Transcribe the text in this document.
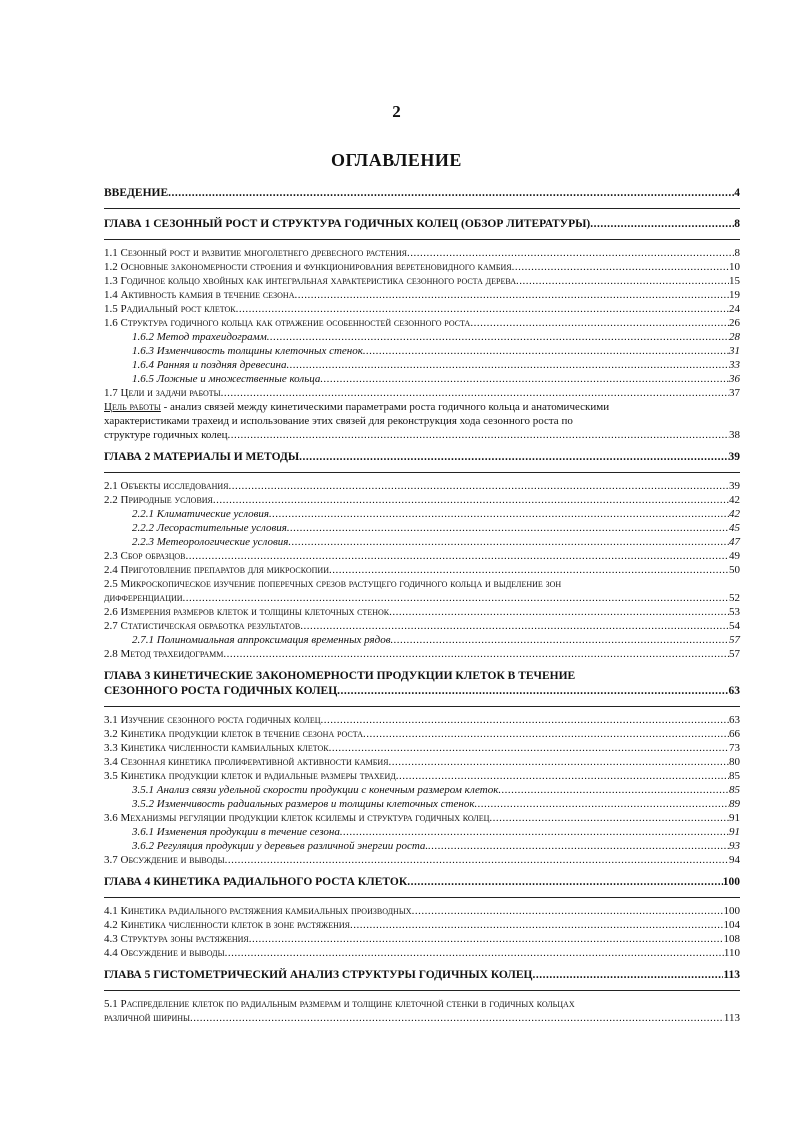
2
ОГЛАВЛЕНИЕ
ВВЕДЕНИЕ .....	4
ГЛАВА 1 СЕЗОННЫЙ РОСТ И СТРУКТУРА ГОДИЧНЫХ КОЛЕЦ (ОБЗОР ЛИТЕРАТУРЫ) .....	8
1.1 Сезонный рост и развитие многолетнего древесного растения .....	8
1.2 Основные закономерности строения и функционирования веретеновидного камбия .....	10
1.3 Годичное кольцо хвойных как интегральная характеристика сезонного роста дерева .....	15
1.4 Активность камбия в течение сезона .....	19
1.5 Радиальный рост клеток .....	24
1.6 Структура годичного кольца как отражение особенностей сезонного роста .....	26
1.6.2 Метод трахеидограмм .....	28
1.6.3 Изменчивость толщины клеточных стенок .....	31
1.6.4 Ранняя и поздняя древесина .....	33
1.6.5 Ложные и множественные кольца .....	36
1.7 Цели и задачи работы .....	37
Цель работы - анализ связей между кинетическими параметрами роста годичного кольца и анатомическими
характеристиками трахеид и использование этих связей для реконструкция хода сезонного роста по
структуре годичных колец .....	38
ГЛАВА 2 МАТЕРИАЛЫ И МЕТОДЫ .....	39
2.1 Объекты исследования .....	39
2.2 Природные условия .....	42
2.2.1 Климатические условия .....	42
2.2.2 Лесорастительные условия .....	45
2.2.3 Метеорологические условия .....	47
2.3 Сбор образцов .....	49
2.4 Приготовление препаратов для микроскопии .....	50
2.5 Микроскопическое изучение поперечных срезов растущего годичного кольца и выделение зон
дифференциации .....	52
2.6 Измерения размеров клеток и толщины клеточных стенок .....	53
2.7 Статистическая обработка результатов .....	54
2.7.1 Полиномиальная аппроксимация временных рядов .....	57
2.8 Метод трахеидограмм .....	57
ГЛАВА 3 КИНЕТИЧЕСКИЕ ЗАКОНОМЕРНОСТИ ПРОДУКЦИИ КЛЕТОК В ТЕЧЕНИЕ
СЕЗОННОГО РОСТА ГОДИЧНЫХ КОЛЕЦ .....	63
3.1 Изучение сезонного роста годичных колец .....	63
3.2 Кинетика продукции клеток в течение сезона роста .....	66
3.3 Кинетика численности камбиальных клеток .....	73
3.4 Сезонная кинетика пролиферативной активности камбия .....	80
3.5 Кинетика продукции клеток и радиальные размеры трахеид .....	85
3.5.1 Анализ связи удельной скорости продукции с конечным размером клеток .....	85
3.5.2 Изменчивость радиальных размеров и толщины клеточных стенок .....	89
3.6 Механизмы регуляции продукции клеток ксилемы и структура годичных колец .....	91
3.6.1 Изменения продукции в течение сезона .....	91
3.6.2 Регуляция продукции у деревьев различной энергии роста. .....	93
3.7 Обсуждение и выводы .....	94
ГЛАВА 4 КИНЕТИКА РАДИАЛЬНОГО РОСТА КЛЕТОК .....	100
4.1 Кинетика радиального растяжения камбиальных производных .....	100
4.2 Кинетика численности клеток в зоне растяжения .....	104
4.3 Структура зоны растяжения .....	108
4.4 Обсуждение и выводы .....	110
ГЛАВА 5 ГИСТОМЕТРИЧЕСКИЙ АНАЛИЗ СТРУКТУРЫ ГОДИЧНЫХ КОЛЕЦ .....	113
5.1 Распределение клеток по радиальным размерам и толщине клеточной стенки в годичных кольцах
различной ширины .....	113
